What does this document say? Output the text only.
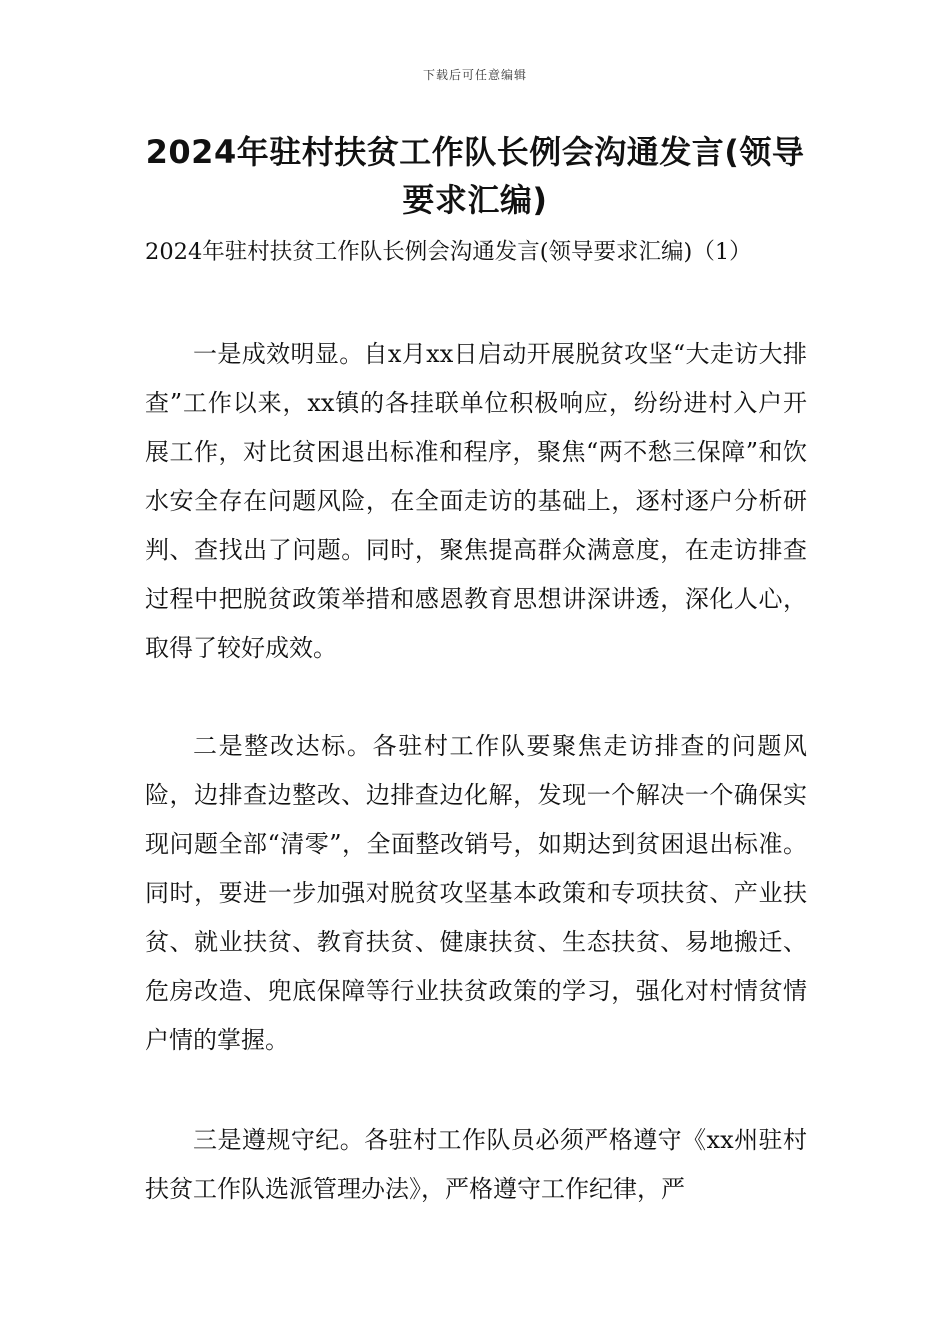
下载后可任意编辑
2024年驻村扶贫工作队长例会沟通发言(领导要求汇编)

2024年驻村扶贫工作队长例会沟通发言(领导要求汇编)（1）

一是成效明显。自x月xx日启动开展脱贫攻坚“大走访大排查”工作以来，xx镇的各挂联单位积极响应，纷纷进村入户开展工作，对比贫困退出标准和程序，聚焦“两不愁三保障”和饮水安全存在问题风险，在全面走访的基础上，逐村逐户分析研判、查找出了问题。同时，聚焦提高群众满意度，在走访排查过程中把脱贫政策举措和感恩教育思想讲深讲透，深化人心，取得了较好成效。

二是整改达标。各驻村工作队要聚焦走访排查的问题风险，边排查边整改、边排查边化解，发现一个解决一个确保实现问题全部“清零”，全面整改销号，如期达到贫困退出标准。同时，要进一步加强对脱贫攻坚基本政策和专项扶贫、产业扶贫、就业扶贫、教育扶贫、健康扶贫、生态扶贫、易地搬迁、危房改造、兜底保障等行业扶贫政策的学习，强化对村情贫情户情的掌握。

三是遵规守纪。各驻村工作队员必须严格遵守《xx州驻村扶贫工作队选派管理办法》，严格遵守工作纪律，严
